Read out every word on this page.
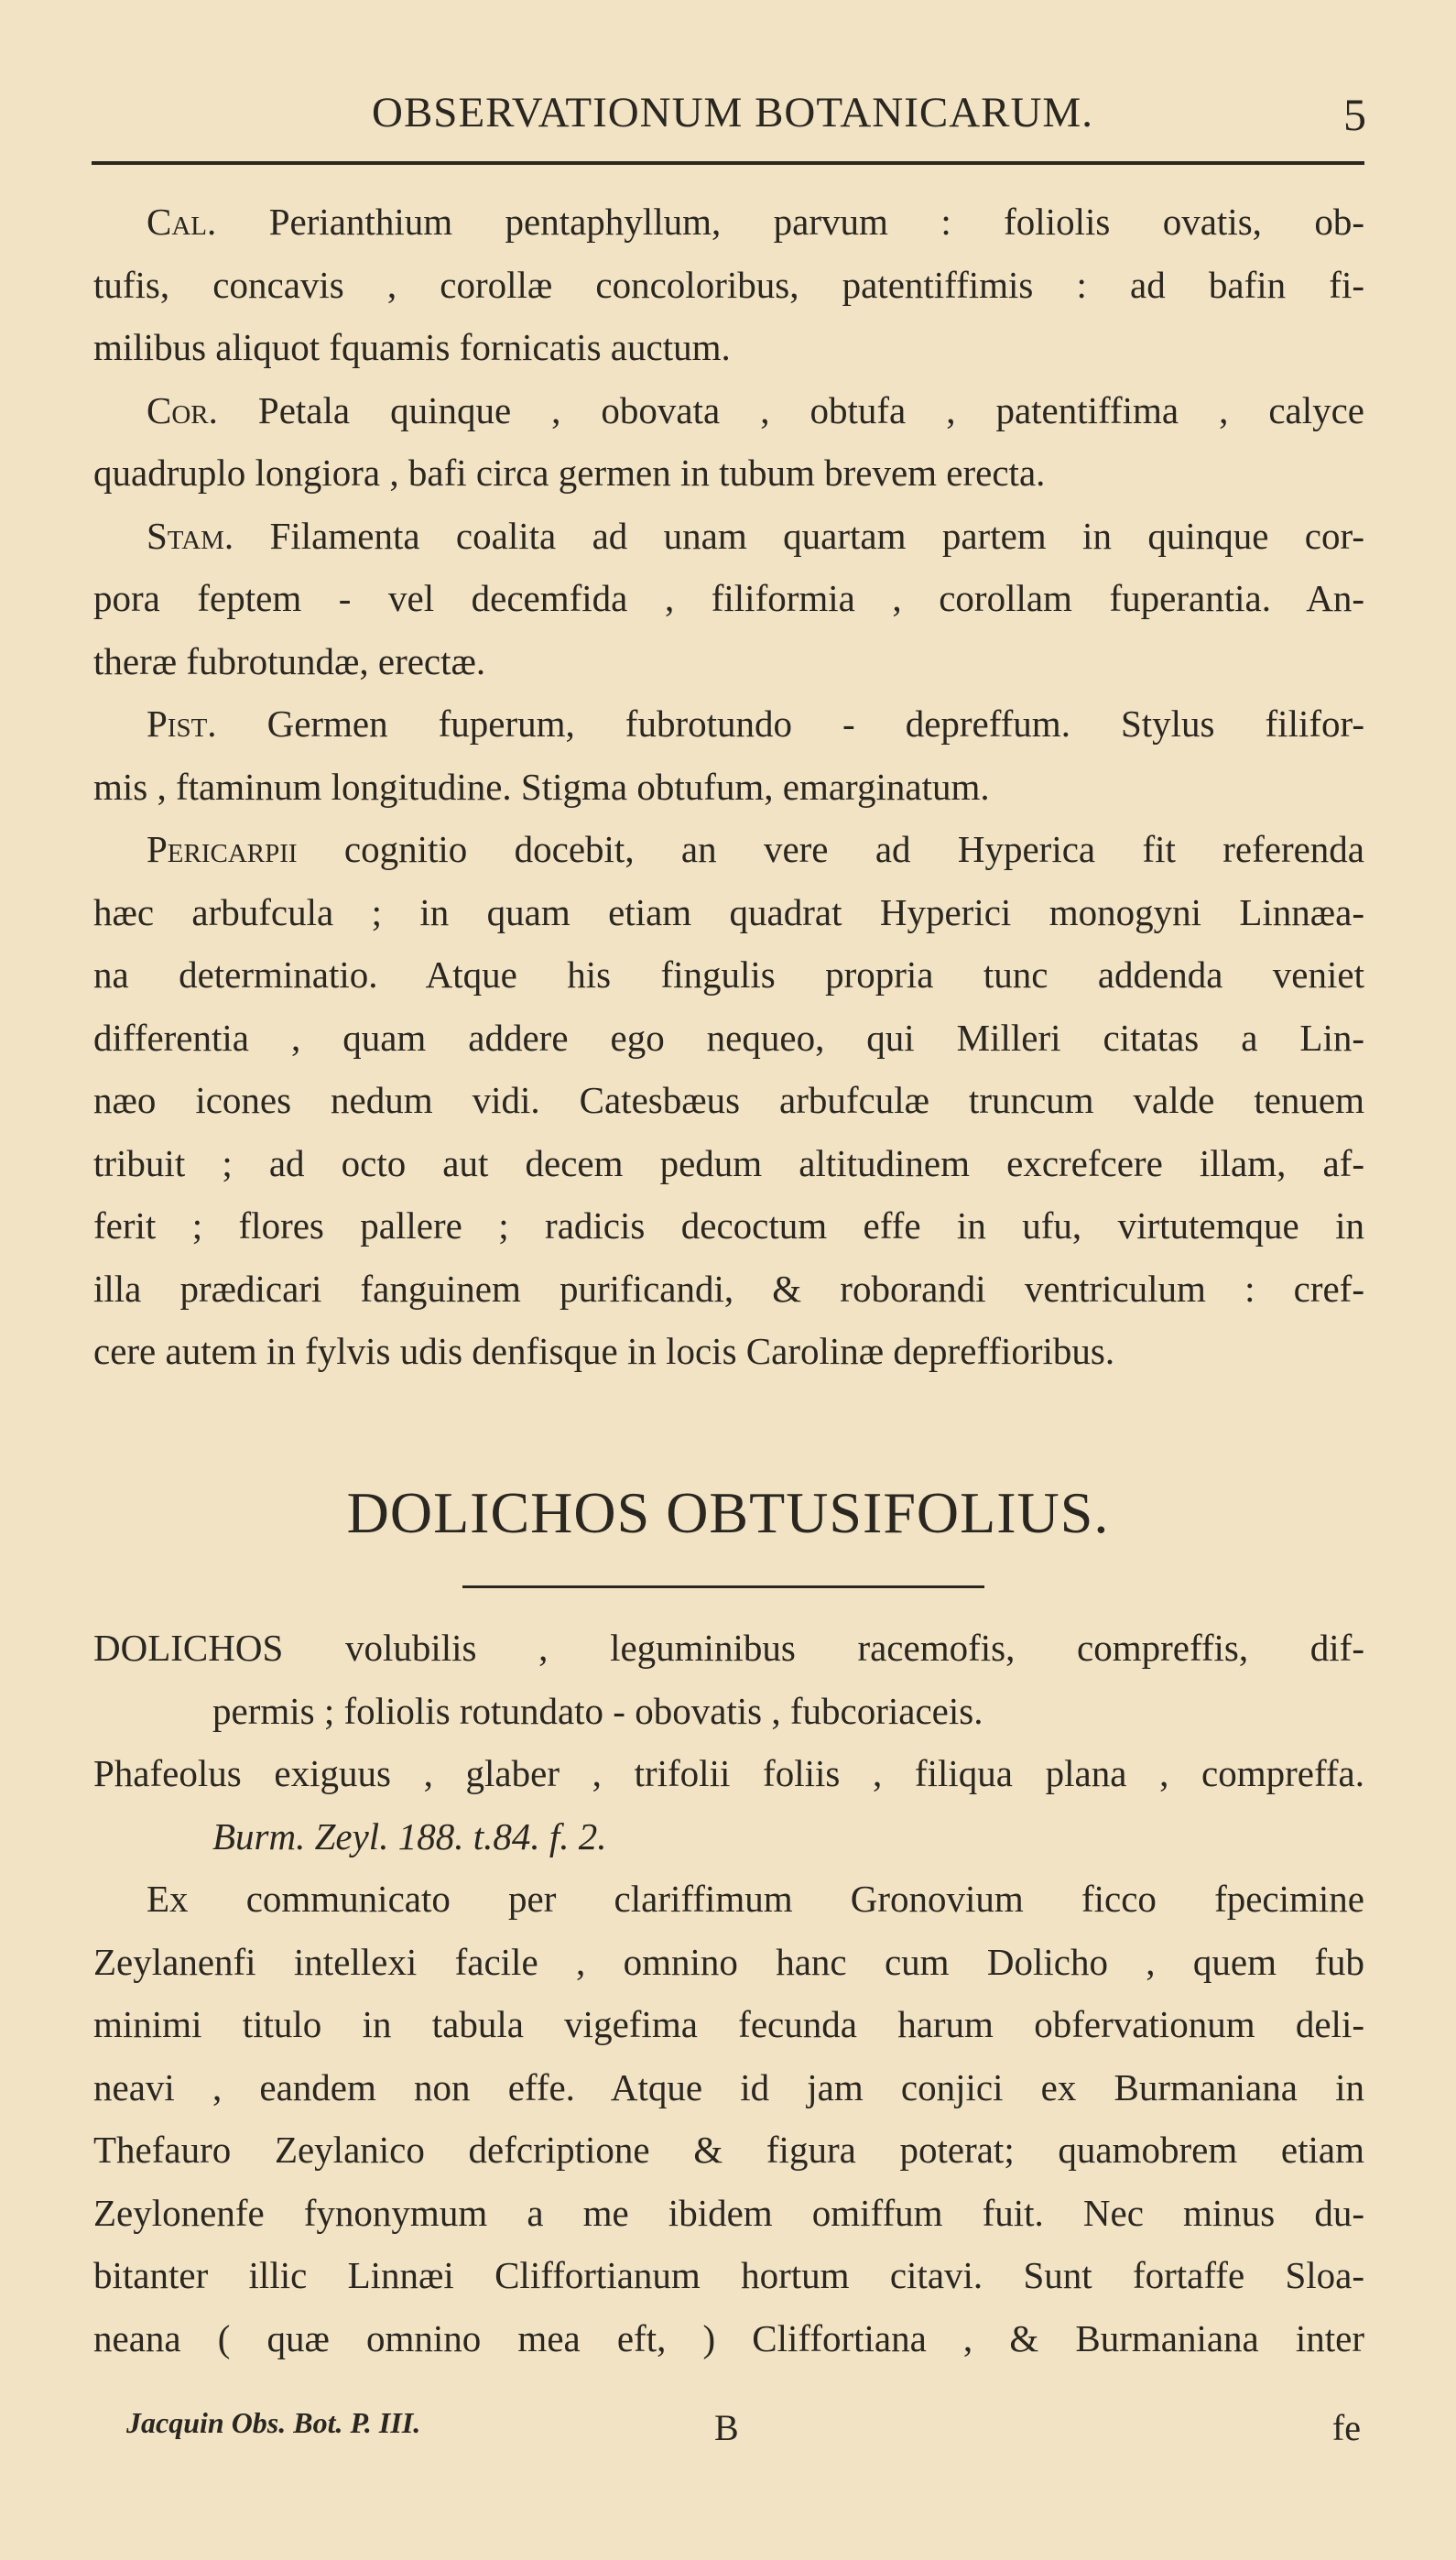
OBSERVATIONUM BOTANICARUM.	5
Cal. Perianthium pentaphyllum, parvum : foliolis ovatis, ob-
tufis, concavis , corollæ concoloribus, patentiffimis : ad bafin fi-
milibus aliquot fquamis fornicatis auctum.
Cor. Petala quinque , obovata , obtufa , patentiffima , calyce
quadruplo longiora , bafi circa germen in tubum brevem erecta.
Stam. Filamenta coalita ad unam quartam partem in quinque cor-
pora feptem - vel decemfida , filiformia , corollam fuperantia. An-
theræ fubrotundæ, erectæ.
Pist. Germen fuperum, fubrotundo - depreffum. Stylus filifor-
mis , ftaminum longitudine. Stigma obtufum, emarginatum.
Pericarpii cognitio docebit, an vere ad Hyperica fit referenda
hæc arbufcula ; in quam etiam quadrat Hyperici monogyni Linnæa-
na determinatio. Atque his fingulis propria tunc addenda veniet
differentia , quam addere ego nequeo, qui Milleri citatas a Lin-
næo icones nedum vidi. Catesbæus arbufculæ truncum valde tenuem
tribuit ; ad octo aut decem pedum altitudinem excrefcere illam, af-
ferit ; flores pallere ; radicis decoctum effe in ufu, virtutemque in
illa prædicari fanguinem purificandi, & roborandi ventriculum : cref-
cere autem in fylvis udis denfisque in locis Carolinæ depreffioribus.
DOLICHOS OBTUSIFOLIUS.
DOLICHOS volubilis , leguminibus racemofis, compreffis, dif-
permis ; foliolis rotundato - obovatis , fubcoriaceis.
Phafeolus exiguus , glaber , trifolii foliis , filiqua plana , compreffa.
Burm. Zeyl. 188. t.84. f. 2.
Ex communicato per clariffimum Gronovium ficco fpecimine
Zeylanenfi intellexi facile , omnino hanc cum Dolicho , quem fub
minimi titulo in tabula vigefima fecunda harum obfervationum deli-
neavi , eandem non effe. Atque id jam conjici ex Burmaniana in
Thefauro Zeylanico defcriptione & figura poterat; quamobrem etiam
Zeylonenfe fynonymum a me ibidem omiffum fuit. Nec minus du-
bitanter illic Linnæi Cliffortianum hortum citavi. Sunt fortaffe Sloa-
neana ( quæ omnino mea eft, ) Cliffortiana , & Burmaniana inter
Jacquin Obs. Bot. P. III.	B	fe
